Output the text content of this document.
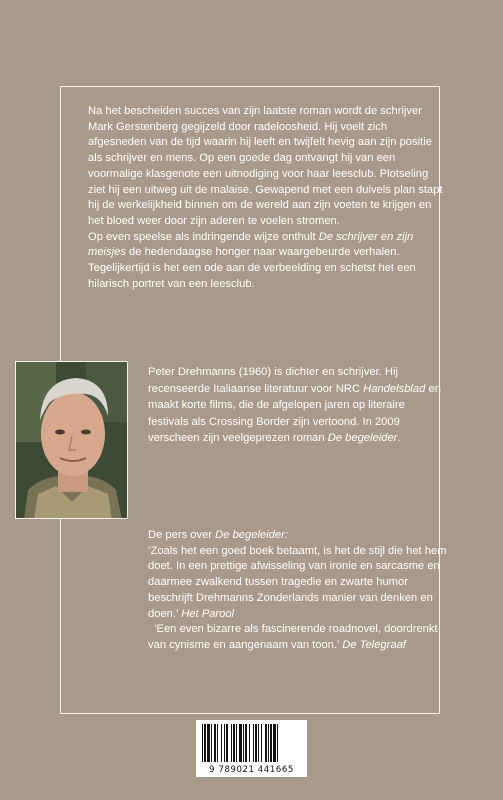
Na het bescheiden succes van zijn laatste roman wordt de schrijver Mark Gerstenberg gegijzeld door radeloosheid. Hij voelt zich afgesneden van de tijd waarin hij leeft en twijfelt hevig aan zijn positie als schrijver en mens. Op een goede dag ontvangt hij van een voormalige klasgenote een uitnodiging voor haar leesclub. Plotseling ziet hij een uitweg uit de malaise. Gewapend met een duivels plan stapt hij de werkelijkheid binnen om de wereld aan zijn voeten te krijgen en het bloed weer door zijn aderen te voelen stromen.

Op even speelse als indringende wijze onthult De schrijver en zijn meisjes de hedendaagse honger naar waargebeurde verhalen. Tegelijkertijd is het een ode aan de verbeelding en schetst het een hilarisch portret van een leesclub.

Peter Drehmanns (1960) is dichter en schrijver. Hij recenseerde Italiaanse literatuur voor NRC Handelsblad en maakt korte films, die de afgelopen jaren op literaire festivals als Crossing Border zijn vertoond. In 2009 verscheen zijn veelgeprezen roman De begeleider.

De pers over De begeleider:

‘Zoals het een goed boek betaamt, is het de stijl die het hem doet. In een prettige afwisseling van ironie en sarcasme en daarmee zwalkend tussen tragedie en zwarte humor beschrijft Drehmanns Zonderlands manier van denken en doen.’ Het Parool

‘Een even bizarre als fascinerende roadnovel, doordrenkt van cynisme en aangenaam van toon.’ De Telegraaf

9 789021 441665
